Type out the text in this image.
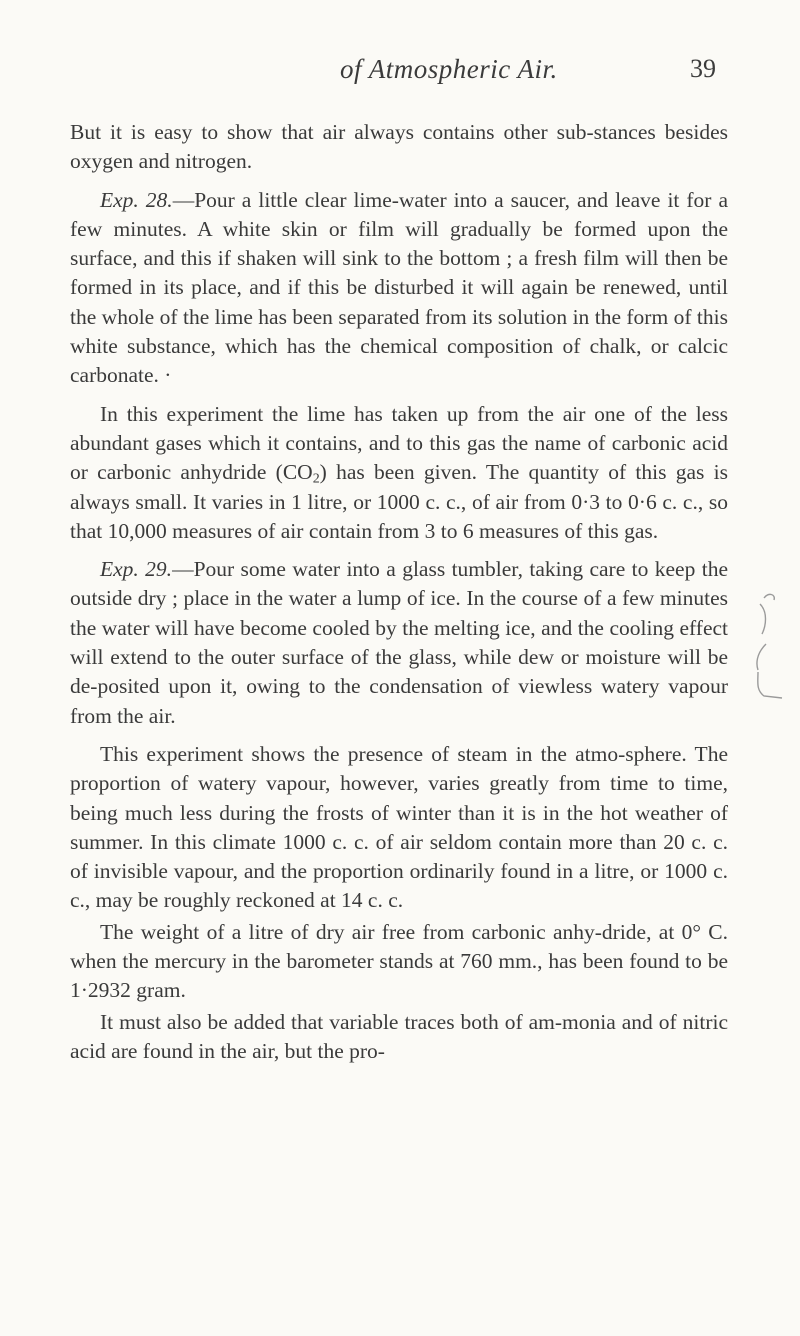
of Atmospheric Air.	39

But it is easy to show that air always contains other sub-stances besides oxygen and nitrogen.

Exp. 28.—Pour a little clear lime-water into a saucer, and leave it for a few minutes. A white skin or film will gradually be formed upon the surface, and this if shaken will sink to the bottom ; a fresh film will then be formed in its place, and if this be disturbed it will again be renewed, until the whole of the lime has been separated from its solution in the form of this white substance, which has the chemical composition of chalk, or calcic carbonate. ·

In this experiment the lime has taken up from the air one of the less abundant gases which it contains, and to this gas the name of carbonic acid or carbonic anhydride $(CO_2)$ has been given. The quantity of this gas is always small. It varies in 1 litre, or 1000 c. c., of air from 0·3 to 0·6 c. c., so that 10,000 measures of air contain from 3 to 6 measures of this gas.

Exp. 29.—Pour some water into a glass tumbler, taking care to keep the outside dry ; place in the water a lump of ice. In the course of a few minutes the water will have become cooled by the melting ice, and the cooling effect will extend to the outer surface of the glass, while dew or moisture will be de-posited upon it, owing to the condensation of viewless watery vapour from the air.

This experiment shows the presence of steam in the atmo-sphere. The proportion of watery vapour, however, varies greatly from time to time, being much less during the frosts of winter than it is in the hot weather of summer. In this climate 1000 c. c. of air seldom contain more than 20 c. c. of invisible vapour, and the proportion ordinarily found in a litre, or 1000 c. c., may be roughly reckoned at 14 c. c.

The weight of a litre of dry air free from carbonic anhy-dride, at 0° C. when the mercury in the barometer stands at 760 mm., has been found to be 1·2932 gram.

It must also be added that variable traces both of am-monia and of nitric acid are found in the air, but the pro-
